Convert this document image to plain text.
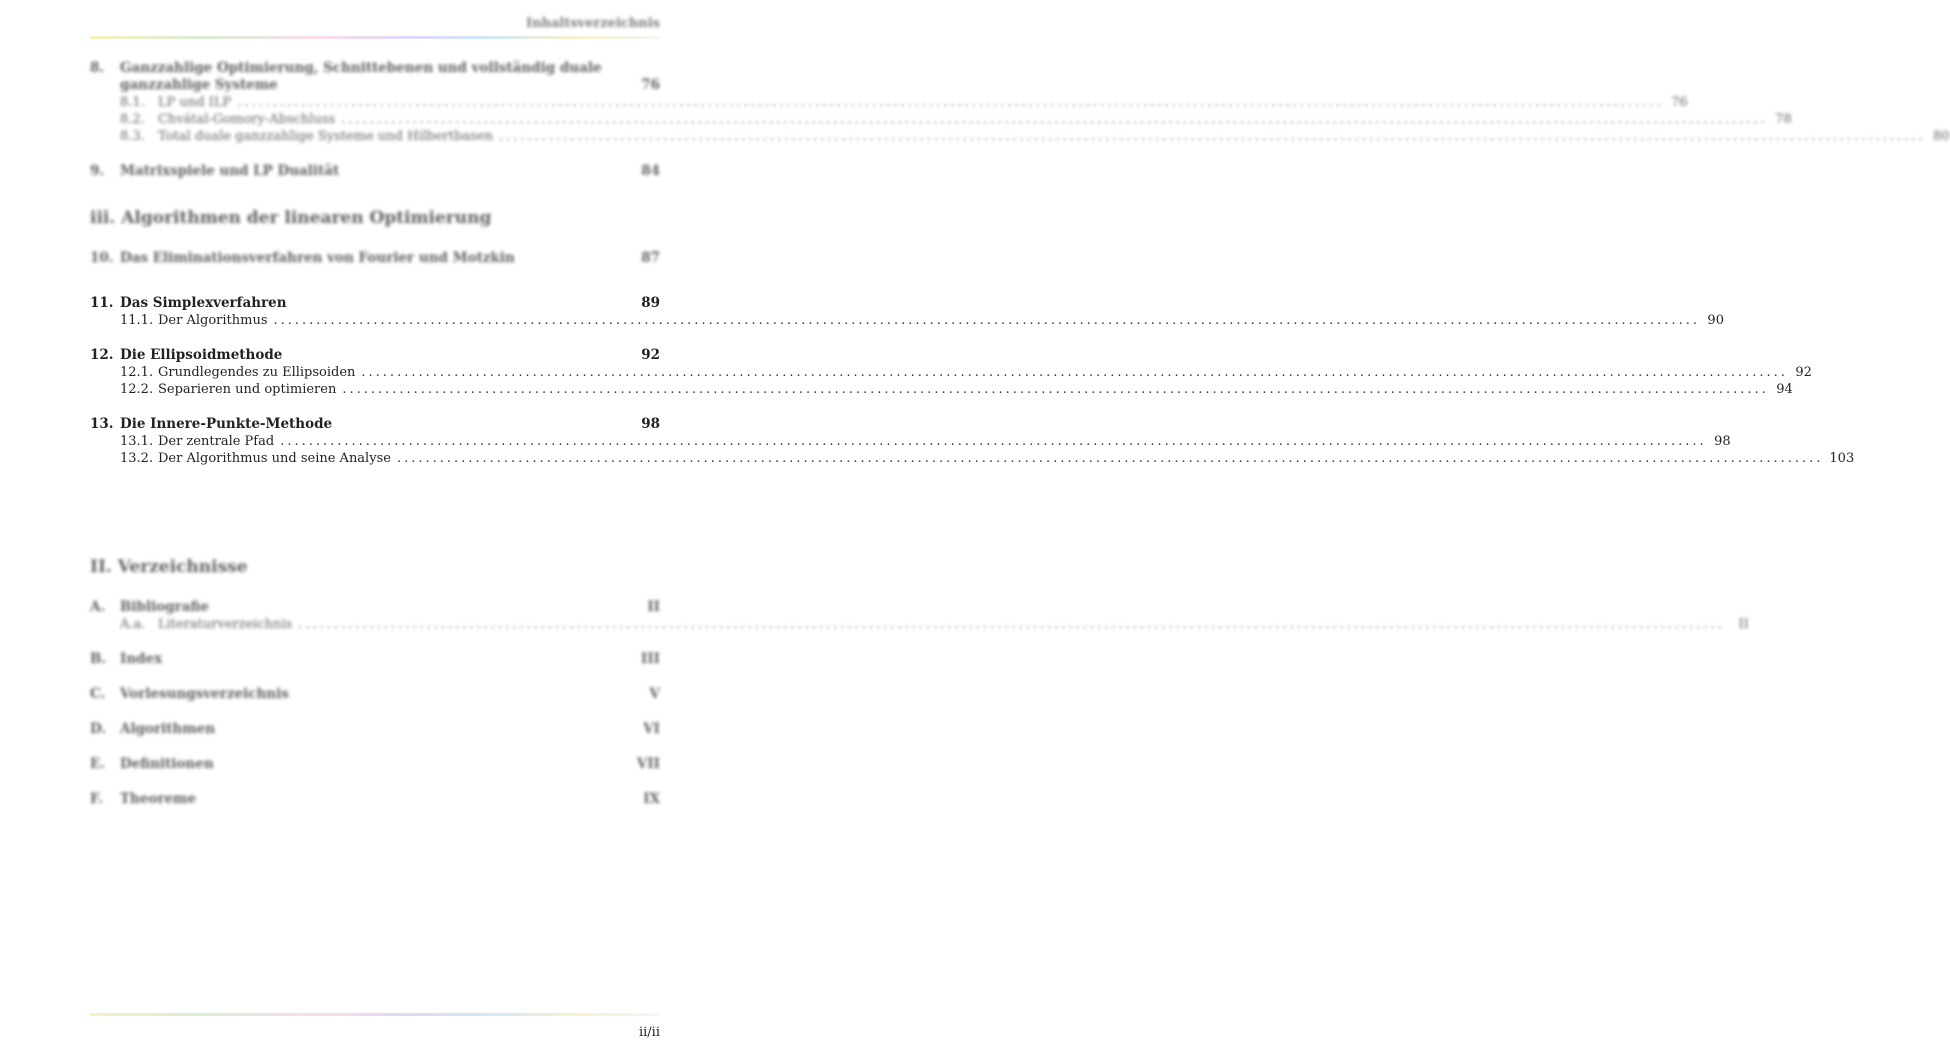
Inhaltsverzeichnis
8.	Ganzzahlige Optimierung, Schnittebenen und vollständig duale ganzzahlige Systeme	76
8.1.	LP und ILP ........................................................................................................................................................................................................ 76
8.2.	Chvátal-Gomory-Abschluss ........................................................................................................................................................................................................ 78
8.3.	Total duale ganzzahlige Systeme und Hilbertbasen ........................................................................................................................................................................................................ 80
9.	Matrixspiele und LP Dualität	84
iii. Algorithmen der linearen Optimierung
10. Das Eliminationsverfahren von Fourier und Motzkin	87
11. Das Simplexverfahren	89
11.1. Der Algorithmus ........................................................................................................................................................................................................ 90
12. Die Ellipsoidmethode	92
12.1. Grundlegendes zu Ellipsoiden ........................................................................................................................................................................................................ 92
12.2. Separieren und optimieren ........................................................................................................................................................................................................ 94
13. Die Innere-Punkte-Methode	98
13.1. Der zentrale Pfad ........................................................................................................................................................................................................ 98
13.2. Der Algorithmus und seine Analyse ........................................................................................................................................................................................................ 103
II. Verzeichnisse
A.	Bibliografie	II
A.a. Literaturverzeichnis ........................................................................................................................................................................................................	II
B.	Index	III
C.	Vorlesungsverzeichnis	V
D.	Algorithmen	VI
E.	Definitionen	VII
F.	Theoreme	IX
ii/ii
